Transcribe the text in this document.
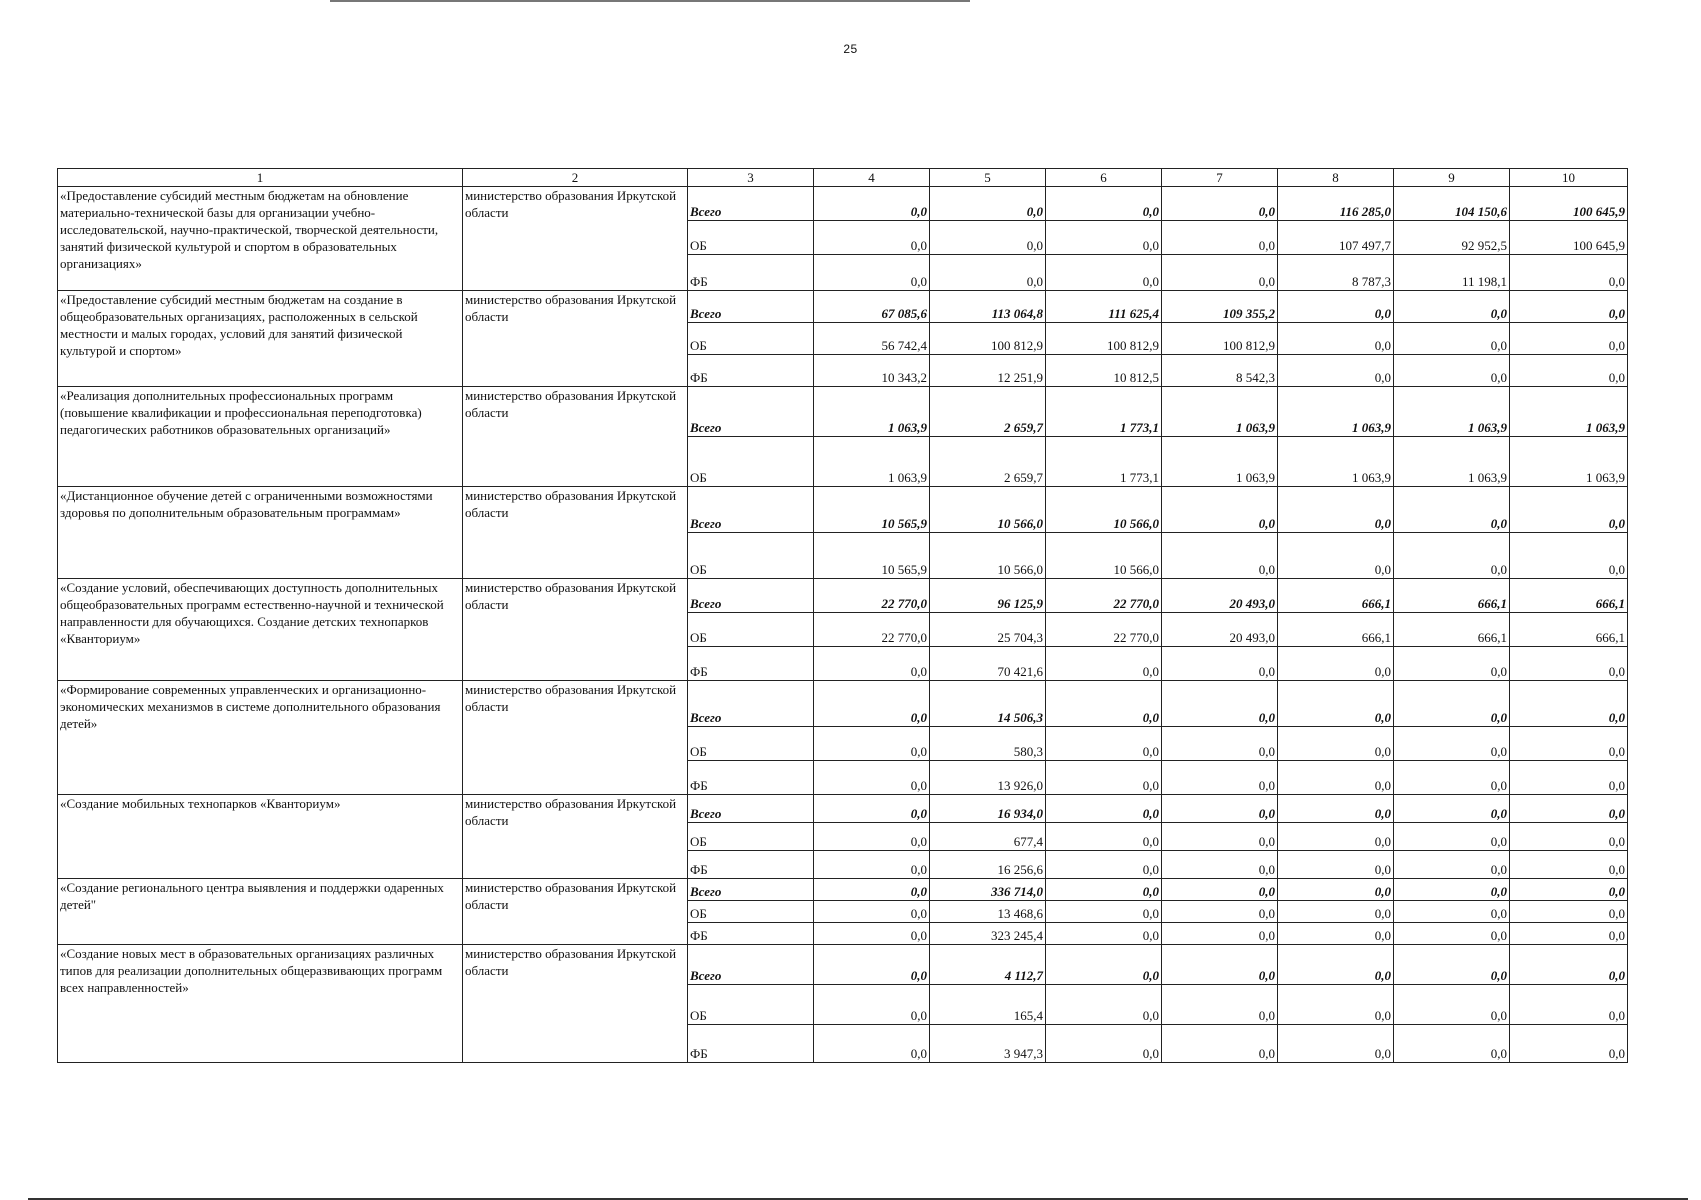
25
1	2	3	4	5	6	7	8	9	10
«Предоставление субсидий местным бюджетам на обновление материально-технической базы для организации учебно-исследовательской, научно-практической, творческой деятельности, занятий физической культурой и спортом в образовательных организациях»	министерство образования Иркутской области	Всего	0,0	0,0	0,0	0,0	116 285,0	104 150,6	100 645,9
		ОБ	0,0	0,0	0,0	0,0	107 497,7	92 952,5	100 645,9
		ФБ	0,0	0,0	0,0	0,0	8 787,3	11 198,1	0,0
«Предоставление субсидий местным бюджетам на создание в общеобразовательных организациях, расположенных в сельской местности и малых городах, условий для занятий физической культурой и спортом»	министерство образования Иркутской области	Всего	67 085,6	113 064,8	111 625,4	109 355,2	0,0	0,0	0,0
		ОБ	56 742,4	100 812,9	100 812,9	100 812,9	0,0	0,0	0,0
		ФБ	10 343,2	12 251,9	10 812,5	8 542,3	0,0	0,0	0,0
«Реализация дополнительных профессиональных программ (повышение квалификации и профессиональная переподготовка) педагогических работников образовательных организаций»	министерство образования Иркутской области	Всего	1 063,9	2 659,7	1 773,1	1 063,9	1 063,9	1 063,9	1 063,9
		ОБ	1 063,9	2 659,7	1 773,1	1 063,9	1 063,9	1 063,9	1 063,9
«Дистанционное обучение детей с ограниченными возможностями здоровья по дополнительным образовательным программам»	министерство образования Иркутской области	Всего	10 565,9	10 566,0	10 566,0	0,0	0,0	0,0	0,0
		ОБ	10 565,9	10 566,0	10 566,0	0,0	0,0	0,0	0,0
«Создание условий, обеспечивающих доступность дополнительных общеобразовательных программ естественно-научной и технической направленности для обучающихся. Создание детских технопарков «Кванториум»	министерство образования Иркутской области	Всего	22 770,0	96 125,9	22 770,0	20 493,0	666,1	666,1	666,1
		ОБ	22 770,0	25 704,3	22 770,0	20 493,0	666,1	666,1	666,1
		ФБ	0,0	70 421,6	0,0	0,0	0,0	0,0	0,0
«Формирование современных управленческих и организационно-экономических механизмов в системе дополнительного образования детей»	министерство образования Иркутской области	Всего	0,0	14 506,3	0,0	0,0	0,0	0,0	0,0
		ОБ	0,0	580,3	0,0	0,0	0,0	0,0	0,0
		ФБ	0,0	13 926,0	0,0	0,0	0,0	0,0	0,0
«Создание мобильных технопарков «Кванториум»	министерство образования Иркутской области	Всего	0,0	16 934,0	0,0	0,0	0,0	0,0	0,0
		ОБ	0,0	677,4	0,0	0,0	0,0	0,0	0,0
		ФБ	0,0	16 256,6	0,0	0,0	0,0	0,0	0,0
«Создание регионального центра выявления и поддержки одаренных детей"	министерство образования Иркутской области	Всего	0,0	336 714,0	0,0	0,0	0,0	0,0	0,0
		ОБ	0,0	13 468,6	0,0	0,0	0,0	0,0	0,0
		ФБ	0,0	323 245,4	0,0	0,0	0,0	0,0	0,0
«Создание новых мест в образовательных организациях различных типов для реализации дополнительных общеразвивающих программ всех направленностей»	министерство образования Иркутской области	Всего	0,0	4 112,7	0,0	0,0	0,0	0,0	0,0
		ОБ	0,0	165,4	0,0	0,0	0,0	0,0	0,0
		ФБ	0,0	3 947,3	0,0	0,0	0,0	0,0	0,0
